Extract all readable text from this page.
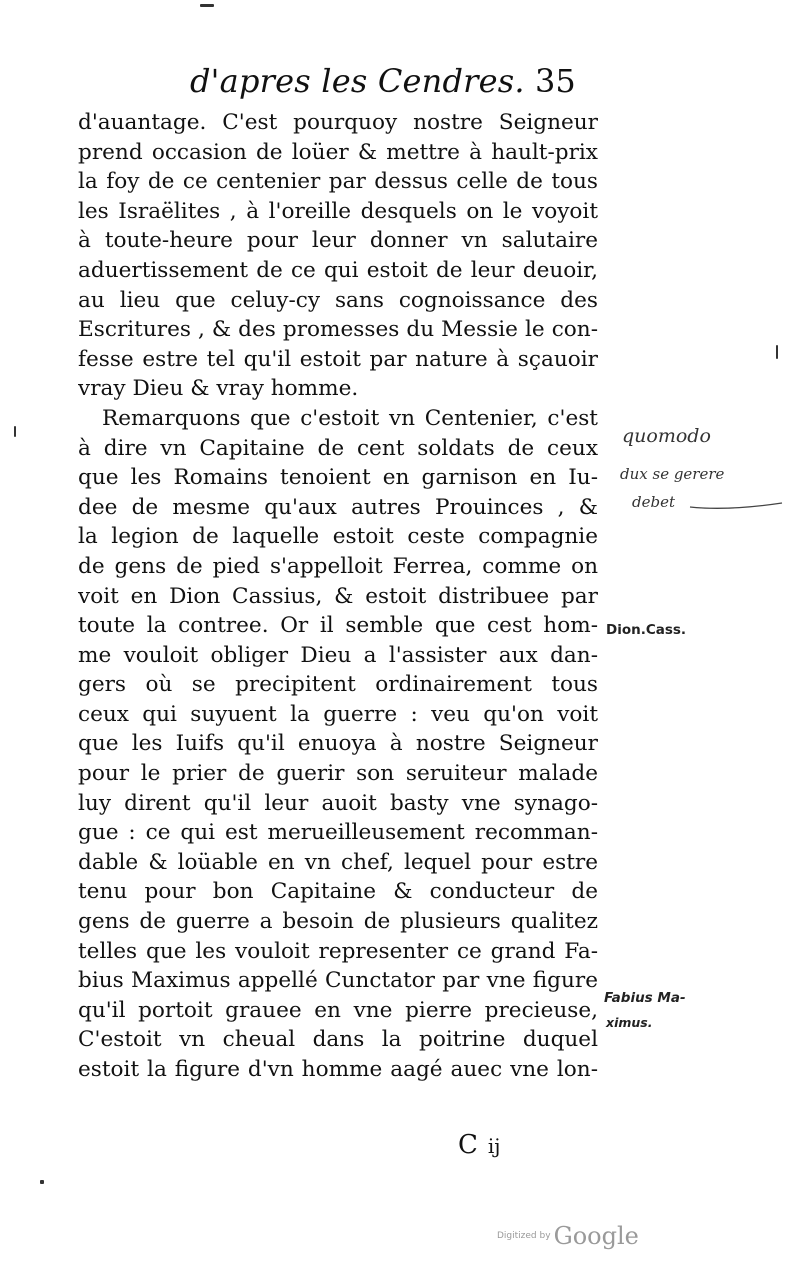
d'apres les Cendres. 35
d'auantage. C'est pourquoy nostre Seigneur
prend occasion de loüer & mettre à hault-prix
la foy de ce centenier par dessus celle de tous
les Israëlites , à l'oreille desquels on le voyoit
à toute-heure pour leur donner vn salutaire
aduertissement de ce qui estoit de leur deuoir,
au lieu que celuy-cy sans cognoissance des
Escritures , & des promesses du Messie le con-
fesse estre tel qu'il estoit par nature à sçauoir
vray Dieu & vray homme.
Remarquons que c'estoit vn Centenier, c'est
à dire vn Capitaine de cent soldats de ceux
que les Romains tenoient en garnison en Iu-
dee de mesme qu'aux autres Prouinces , &
la legion de laquelle estoit ceste compagnie
de gens de pied s'appelloit Ferrea, comme on
voit en Dion Cassius, & estoit distribuee par
toute la contree. Or il semble que cest hom-
me vouloit obliger Dieu a l'assister aux dan-
gers où se precipitent ordinairement tous
ceux qui suyuent la guerre : veu qu'on voit
que les Iuifs qu'il enuoya à nostre Seigneur
pour le prier de guerir son seruiteur malade
luy dirent qu'il leur auoit basty vne synago-
gue : ce qui est merueilleusement recomman-
dable & loüable en vn chef, lequel pour estre
tenu pour bon Capitaine & conducteur de
gens de guerre a besoin de plusieurs qualitez
telles que les vouloit representer ce grand Fa-
bius Maximus appellé Cunctator par vne figure
qu'il portoit grauee en vne pierre precieuse,
C'estoit vn cheual dans la poitrine duquel
estoit la figure d'vn homme aagé auec vne lon-
quomodo
dux se gerere
debet
Dion.Cass.
Fabius Ma-
ximus.
C ij
Digitized by Google
